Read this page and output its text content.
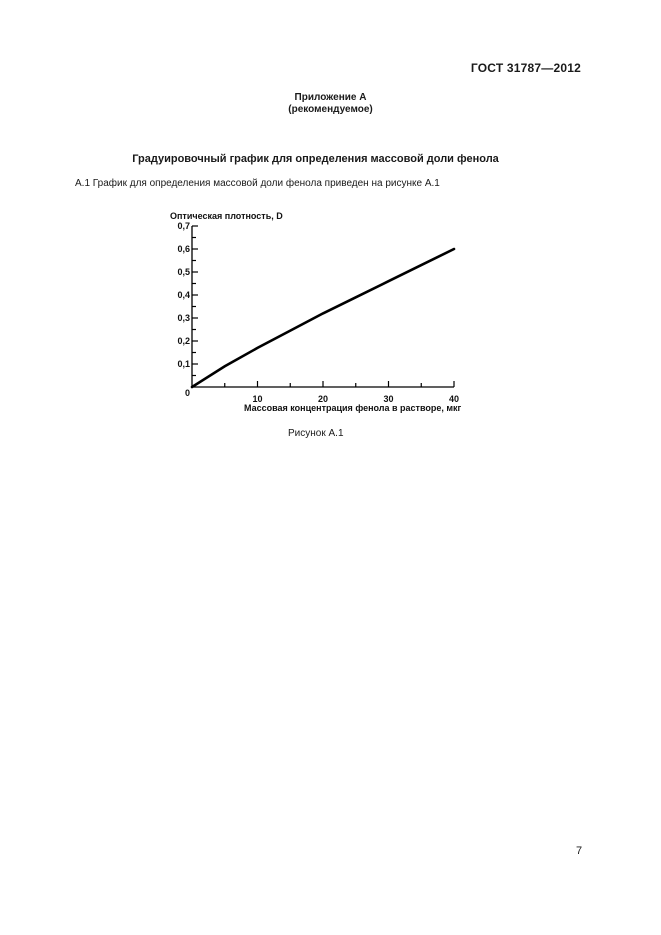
ГОСТ 31787—2012
Приложение А
(рекомендуемое)
Градуировочный график для определения массовой доли фенола
А.1 График для определения массовой доли фенола приведен на рисунке А.1
Оптическая плотность, D
Массовая концентрация фенола в растворе, мкг
0
10	20	30	40
0,1
0,2
0,3
0,4
0,5
0,6
0,7
Рисунок А.1
7
